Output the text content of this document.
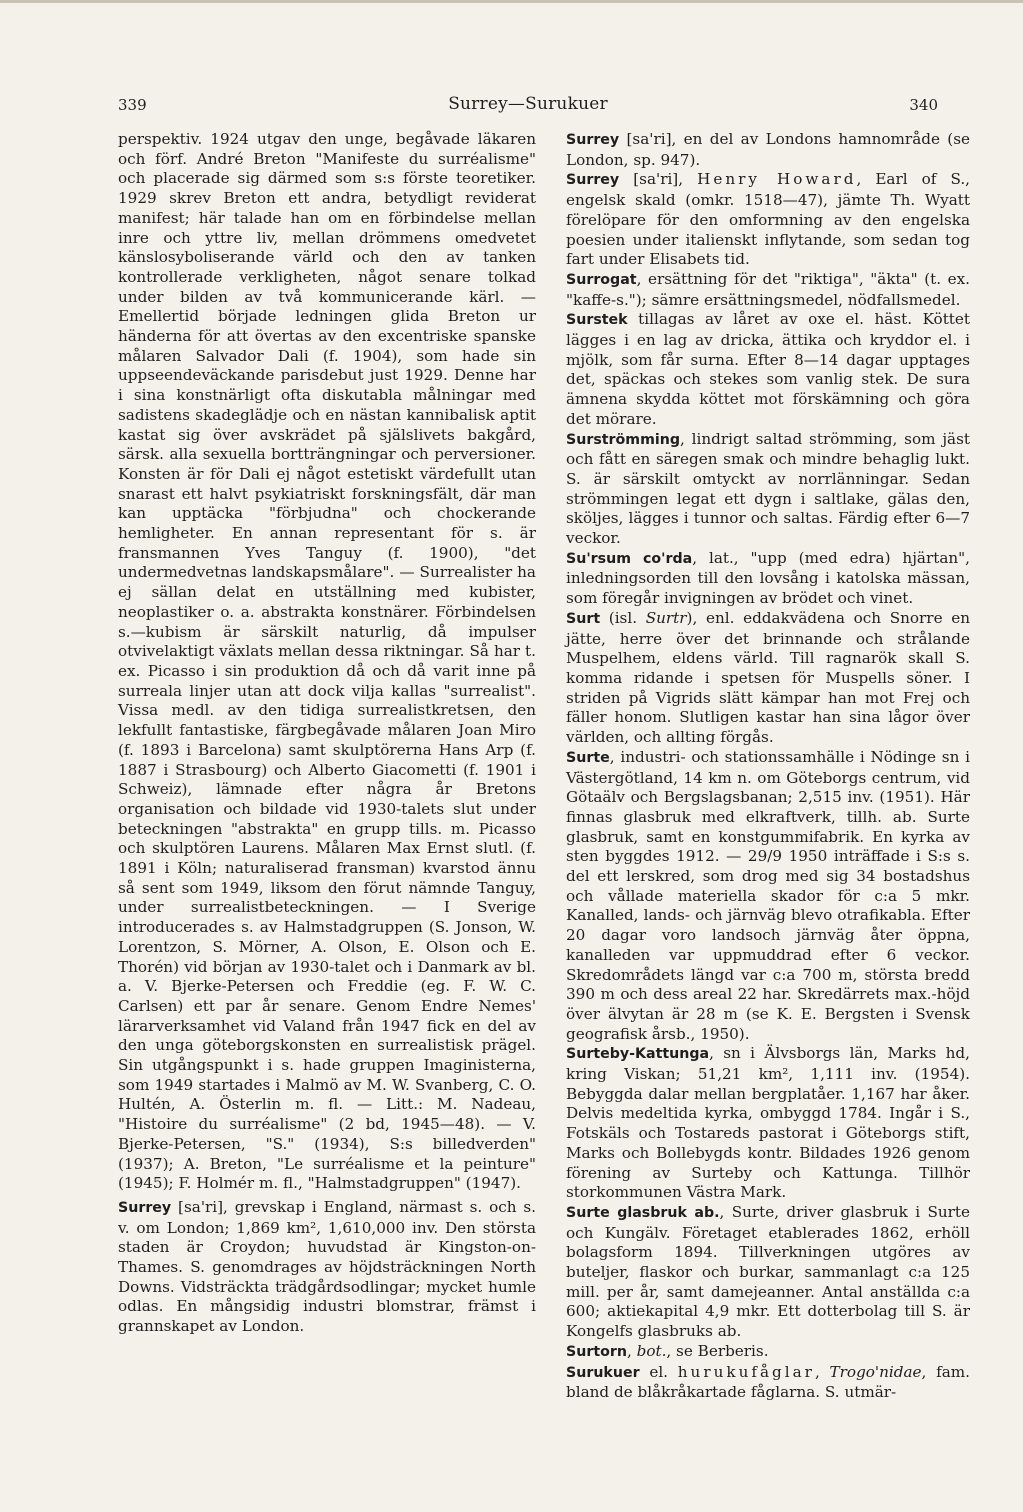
339	Surrey—Surukuer	340

perspektiv. 1924 utgav den unge, begåvade läkaren och förf. André Breton "Manifeste du surréalisme" och placerade sig därmed som s:s förste teoretiker. 1929 skrev Breton ett andra, betydligt reviderat manifest; här talade han om en förbindelse mellan inre och yttre liv, mellan drömmens omedvetet känslosyboliserande värld och den av tanken kontrollerade verkligheten, något senare tolkad under bilden av två kommunicerande kärl. — Emellertid började ledningen glida Breton ur händerna för att övertas av den excentriske spanske målaren Salvador Dali (f. 1904), som hade sin uppseendeväckande parisdebut just 1929. Denne har i sina konstnärligt ofta diskutabla målningar med sadistens skadeglädje och en nästan kannibalisk aptit kastat sig över avskrädet på själslivets bakgård, särsk. alla sexuella bortträngningar och perversioner. Konsten är för Dali ej något estetiskt värdefullt utan snarast ett halvt psykiatriskt forskningsfält, där man kan upptäcka "förbjudna" och chockerande hemligheter. En annan representant för s. är fransmannen Yves Tanguy (f. 1900), "det undermedvetnas landskapsmålare". — Surrealister ha ej sällan delat en utställning med kubister, neoplastiker o. a. abstrakta konstnärer. Förbindelsen s.—kubism är särskilt naturlig, då impulser otvivelaktigt växlats mellan dessa riktningar. Så har t. ex. Picasso i sin produktion då och då varit inne på surreala linjer utan att dock vilja kallas "surrealist". Vissa medl. av den tidiga surrealistkretsen, den lekfullt fantastiske, färgbegåvade målaren Joan Miro (f. 1893 i Barcelona) samt skulptörerna Hans Arp (f. 1887 i Strasbourg) och Alberto Giacometti (f. 1901 i Schweiz), lämnade efter några år Bretons organisation och bildade vid 1930-talets slut under beteckningen "abstrakta" en grupp tills. m. Picasso och skulptören Laurens. Målaren Max Ernst slutl. (f. 1891 i Köln; naturaliserad fransman) kvarstod ännu så sent som 1949, liksom den förut nämnde Tanguy, under surrealistbeteckningen. — I Sverige introducerades s. av Halmstadgruppen (S. Jonson, W. Lorentzon, S. Mörner, A. Olson, E. Olson och E. Thorén) vid början av 1930-talet och i Danmark av bl. a. V. Bjerke-Petersen och Freddie (eg. F. W. C. Carlsen) ett par år senare. Genom Endre Nemes' lärarverksamhet vid Valand från 1947 fick en del av den unga göteborgskonsten en surrealistisk prägel. Sin utgångspunkt i s. hade gruppen Imaginisterna, som 1949 startades i Malmö av M. W. Svanberg, C. O. Hultén, A. Österlin m. fl. — Litt.: M. Nadeau, "Histoire du surréalisme" (2 bd, 1945—48). — V. Bjerke-Petersen, "S." (1934), S:s billedverden" (1937); A. Breton, "Le surréalisme et la peinture" (1945); F. Holmér m. fl., "Halmstadgruppen" (1947).

Surrey [sa'ri], grevskap i England, närmast s. och s. v. om London; 1,869 km², 1,610,000 inv. Den största staden är Croydon; huvudstad är Kingston-on-Thames. S. genomdrages av höjdsträckningen North Downs. Vidsträckta trädgårdsodlingar; mycket humle odlas. En mångsidig industri blomstrar, främst i grannskapet av London.

Surrey [sa'ri], en del av Londons hamnområde (se London, sp. 947).

Surrey [sa'ri], Henry Howard, Earl of S., engelsk skald (omkr. 1518—47), jämte Th. Wyatt förelöpare för den omformning av den engelska poesien under italienskt inflytande, som sedan tog fart under Elisabets tid.

Surrogat, ersättning för det "riktiga", "äkta" (t. ex. "kaffe-s."); sämre ersättningsmedel, nödfallsmedel.

Surstek tillagas av låret av oxe el. häst. Köttet lägges i en lag av dricka, ättika och kryddor el. i mjölk, som får surna. Efter 8—14 dagar upptages det, späckas och stekes som vanlig stek. De sura ämnena skydda köttet mot förskämning och göra det mörare.

Surströmming, lindrigt saltad strömming, som jäst och fått en säregen smak och mindre behaglig lukt. S. är särskilt omtyckt av norrlänningar. Sedan strömmingen legat ett dygn i saltlake, gälas den, sköljes, lägges i tunnor och saltas. Färdig efter 6—7 veckor.

Su'rsum co'rda, lat., "upp (med edra) hjärtan", inledningsorden till den lovsång i katolska mässan, som föregår invigningen av brödet och vinet.

Surt (isl. Surtr), enl. eddakvädena och Snorre en jätte, herre över det brinnande och strålande Muspelhem, eldens värld. Till ragnarök skall S. komma ridande i spetsen för Muspells söner. I striden på Vigrids slätt kämpar han mot Frej och fäller honom. Slutligen kastar han sina lågor över världen, och allting förgås.

Surte, industri- och stationssamhälle i Nödinge sn i Västergötland, 14 km n. om Göteborgs centrum, vid Götaälv och Bergslagsbanan; 2,515 inv. (1951). Här finnas glasbruk med elkraftverk, tillh. ab. Surte glasbruk, samt en konstgummifabrik. En kyrka av sten byggdes 1912. — 29/9 1950 inträffade i S:s s. del ett lerskred, som drog med sig 34 bostadshus och vållade materiella skador för c:a 5 mkr. Kanalled, lands- och järnväg blevo otrafikabla. Efter 20 dagar voro landsoch järnväg åter öppna, kanalleden var uppmuddrad efter 6 veckor. Skredområdets längd var c:a 700 m, största bredd 390 m och dess areal 22 har. Skredärrets max.-höjd över älvytan är 28 m (se K. E. Bergsten i Svensk geografisk årsb., 1950).

Surteby-Kattunga, sn i Älvsborgs län, Marks hd, kring Viskan; 51,21 km², 1,111 inv. (1954). Bebyggda dalar mellan bergplatåer. 1,167 har åker. Delvis medeltida kyrka, ombyggd 1784. Ingår i S., Fotskäls och Tostareds pastorat i Göteborgs stift, Marks och Bollebygds kontr. Bildades 1926 genom förening av Surteby och Kattunga. Tillhör storkommunen Västra Mark.

Surte glasbruk ab., Surte, driver glasbruk i Surte och Kungälv. Företaget etablerades 1862, erhöll bolagsform 1894. Tillverkningen utgöres av buteljer, flaskor och burkar, sammanlagt c:a 125 mill. per år, samt damejeanner. Antal anställda c:a 600; aktiekapital 4,9 mkr. Ett dotterbolag till S. är Kongelfs glasbruks ab.

Surtorn, bot., se Berberis.

Surukuer el. hurukufåglar, Trogo'nidae, fam. bland de blåkråkartade fåglarna. S. utmär-
